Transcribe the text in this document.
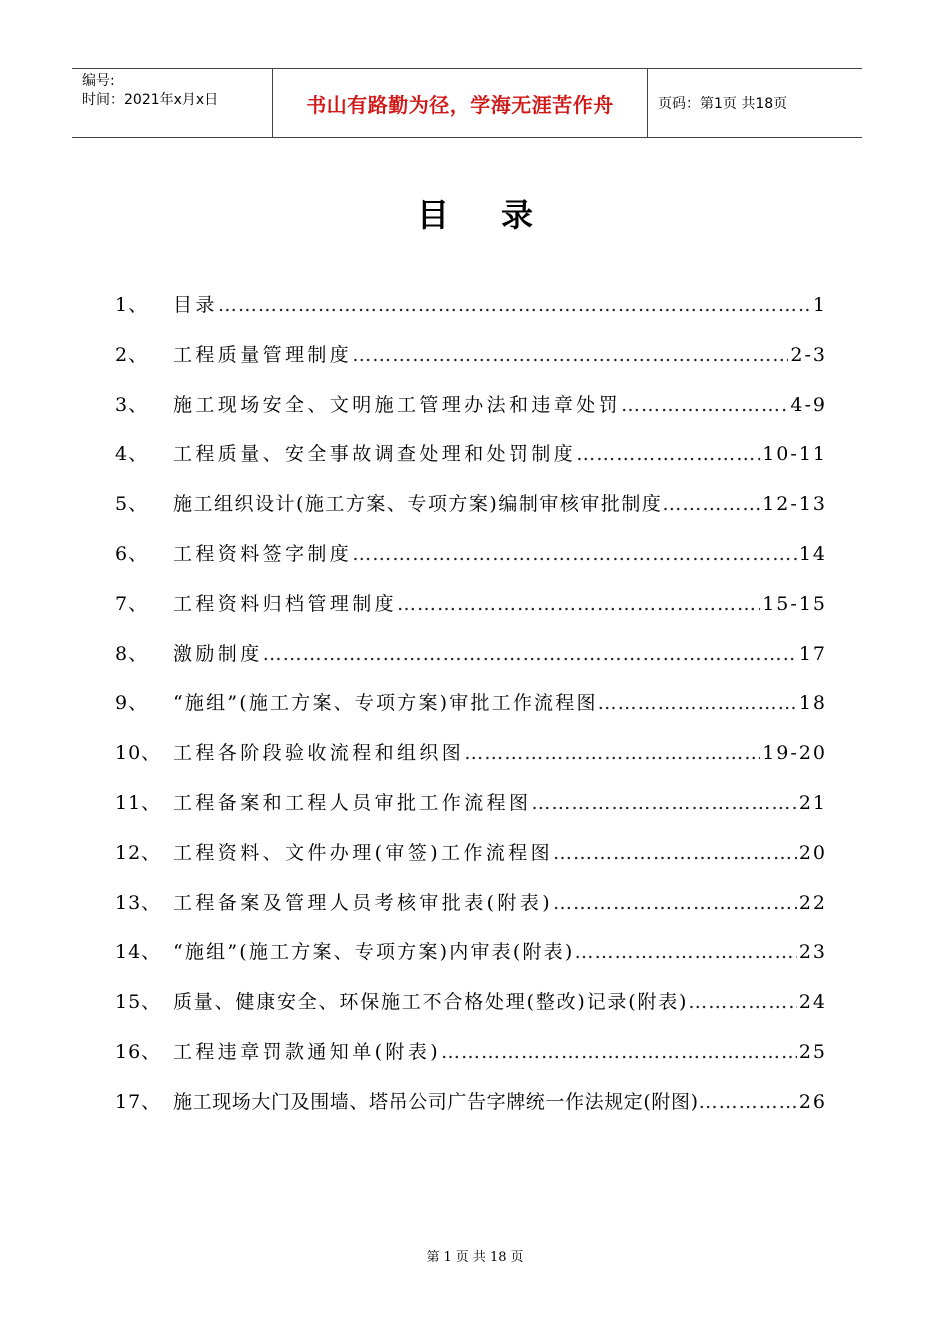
编号:
时间：2021年x月x日	书山有路勤为径，学海无涯苦作舟	页码：第1页 共18页
目录
1、	目录 ……………………………………………………………………………………………………………………………	1
2、	工程质量管理制度 ……………………………………………………………………………………………………………………………	2-3
3、	施工现场安全、文明施工管理办法和违章处罚 ……………………………………………………………………………………………………………………………	4-9
4、	工程质量、安全事故调查处理和处罚制度 ……………………………………………………………………………………………………………………………	10-11
5、	施工组织设计(施工方案、专项方案)编制审核审批制度 ……………………………………………………………………………………………………………………………	12-13
6、	工程资料签字制度 ……………………………………………………………………………………………………………………………	14
7、	工程资料归档管理制度 ……………………………………………………………………………………………………………………………	15-15
8、	激励制度 ……………………………………………………………………………………………………………………………	17
9、	“施组”(施工方案、专项方案)审批工作流程图 ……………………………………………………………………………………………………………………………	18
10、 工程各阶段验收流程和组织图 ……………………………………………………………………………………………………………………………	19-20
11、 工程备案和工程人员审批工作流程图 ……………………………………………………………………………………………………………………………	21
12、 工程资料、文件办理(审签)工作流程图 ……………………………………………………………………………………………………………………………	20
13、 工程备案及管理人员考核审批表(附表) ……………………………………………………………………………………………………………………………	22
14、 “施组”(施工方案、专项方案)内审表(附表) ……………………………………………………………………………………………………………………………	23
15、 质量、健康安全、环保施工不合格处理(整改)记录(附表) ……………………………………………………………………………………………………………………………	24
16、 工程违章罚款通知单(附表) ……………………………………………………………………………………………………………………………	25
17、 施工现场大门及围墙、塔吊公司广告字牌统一作法规定(附图) ……………………………………………………………………………………………………………………………	26
第 1 页 共 18 页
